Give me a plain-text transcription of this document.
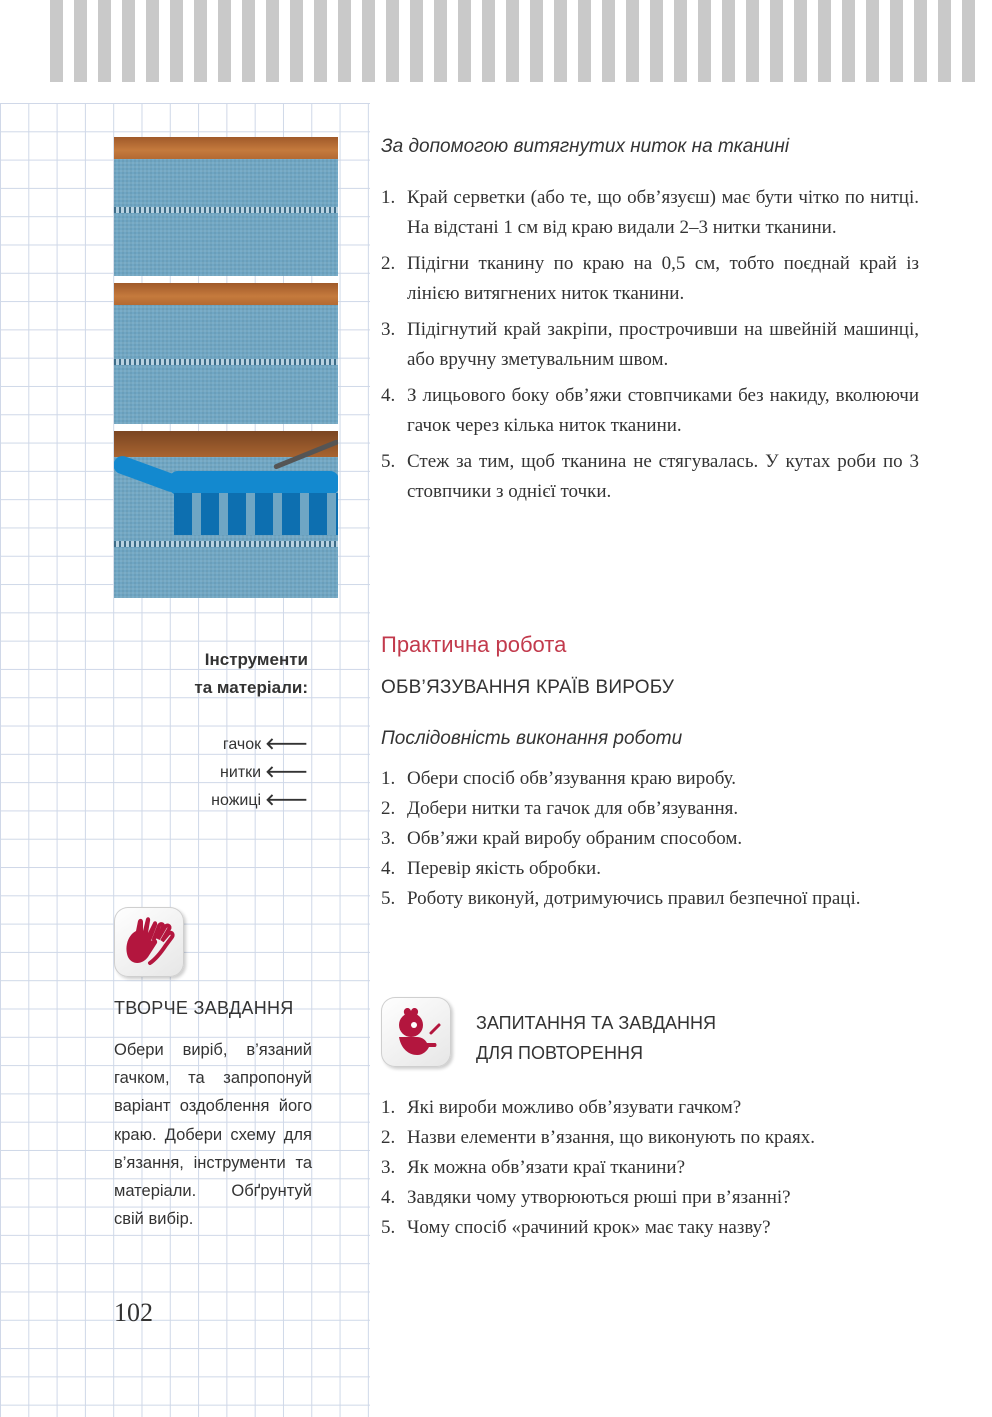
Інструменти
та матеріали:
гачок 🡐
нитки 🡐
ножиці 🡐
ТВОРЧЕ ЗАВДАННЯ
Обери виріб, в’язаний гачком, та запропонуй варіант оздоблення його краю. Добери схему для в’язання, інструменти та матеріали. Обґрунтуй свій вибір.
102
За допомогою витягнутих ниток на тканині
1. Край серветки (або те, що обв’язуєш) має бути чітко по нитці. На відстані 1 см від краю видали 2–3 нитки тканини.
2. Підігни тканину по краю на 0,5 см, тобто поєднай край із лінією витягнених ниток тканини.
3. Підігнутий край закріпи, прострочивши на швейній машинці, або вручну зметувальним швом.
4. З лицьового боку обв’яжи стовпчиками без накиду, вколюючи гачок через кілька ниток тканини.
5. Стеж за тим, щоб тканина не стягувалась. У кутах роби по 3 стовпчики з однієї точки.
Практична робота
ОБВ’ЯЗУВАННЯ КРАЇВ ВИРОБУ
Послідовність виконання роботи
1. Обери спосіб обв’язування краю виробу.
2. Добери нитки та гачок для обв’язування.
3. Обв’яжи край виробу обраним способом.
4. Перевір якість обробки.
5. Роботу виконуй, дотримуючись правил безпечної праці.
ЗАПИТАННЯ ТА ЗАВДАННЯ
ДЛЯ ПОВТОРЕННЯ
1. Які вироби можливо обв’язувати гачком?
2. Назви елементи в’язання, що виконують по краях.
3. Як можна обв’язати краї тканини?
4. Завдяки чому утворюються рюші при в’язанні?
5. Чому спосіб «рачиний крок» має таку назву?
